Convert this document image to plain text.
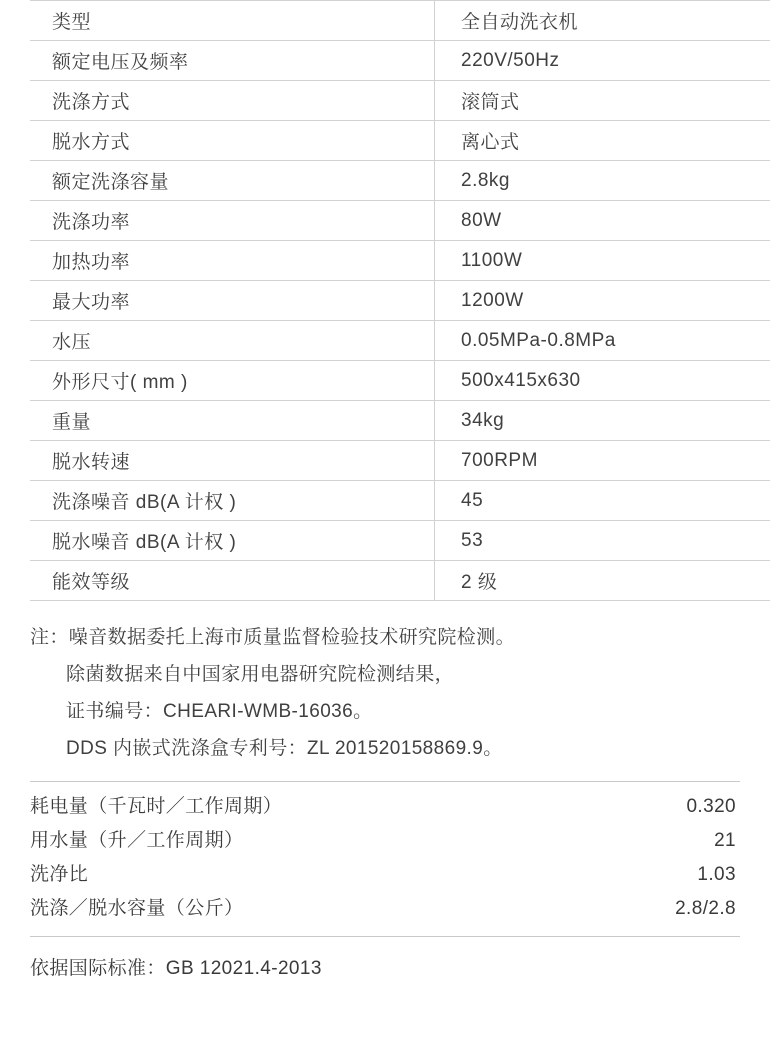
类型	全自动洗衣机
额定电压及频率	220V/50Hz
洗涤方式	滚筒式
脱水方式	离心式
额定洗涤容量	2.8kg
洗涤功率	80W
加热功率	1100W
最大功率	1200W
水压	0.05MPa-0.8MPa
外形尺寸( mm )	500x415x630
重量	34kg
脱水转速	700RPM
洗涤噪音 dB(A 计权 )	45
脱水噪音 dB(A 计权 )	53
能效等级	2 级
注：噪音数据委托上海市质量监督检验技术研究院检测。
除菌数据来自中国家用电器研究院检测结果，
证书编号：CHEARI-WMB-16036。
DDS 内嵌式洗涤盒专利号：ZL 201520158869.9。
耗电量（千瓦时／工作周期）	0.320
用水量（升／工作周期）	21
洗净比	1.03
洗涤／脱水容量（公斤）	2.8/2.8
依据国际标准：GB 12021.4-2013
